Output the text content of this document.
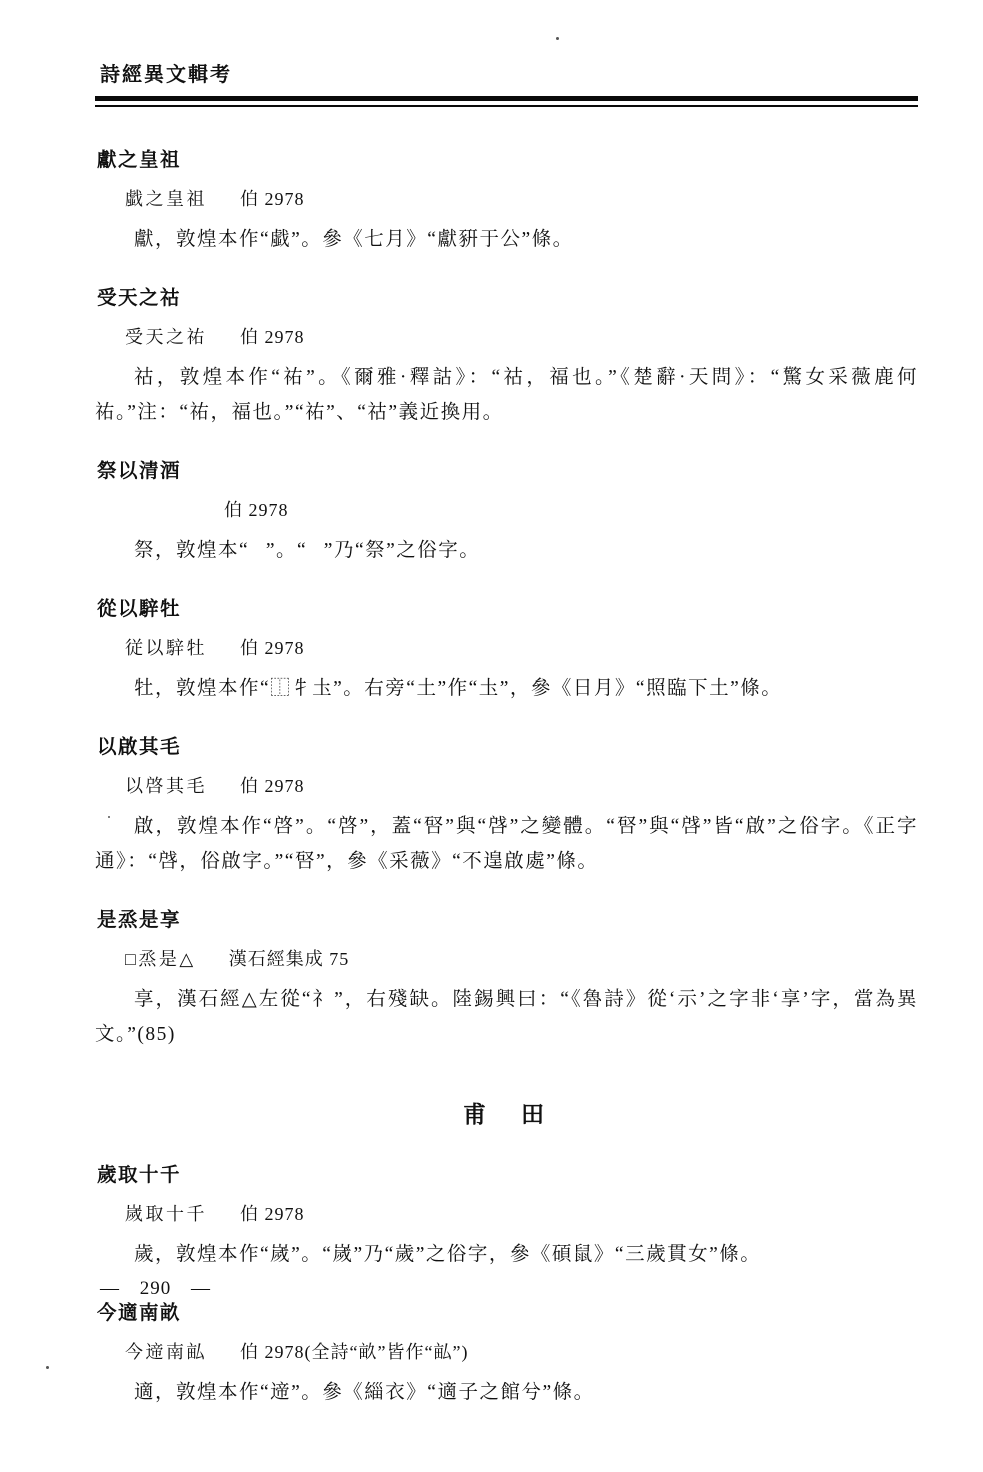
詩經異文輯考
獻之皇祖
戱之皇祖 伯 2978

獻，敦煌本作“戱”。參《七月》“獻豣于公”條。

受天之祜
受天之祐 伯 2978

祜，敦煌本作“祐”。《爾雅·釋詁》：“祜，福也。”《楚辭·天問》：“驚女采薇鹿何祐。”注：“祐，福也。”“祐”、“祜”義近換用。

祭以清酒
𥙊以清酒 伯 2978

祭，敦煌本“𥙊”。“𥙊”乃“祭”之俗字。

從以騂牡
従以騂牡 伯 2978

牡，敦煌本作“⿰牜圡”。右旁“土”作“圡”，參《日月》“照臨下土”條。

以啟其毛
以啓其毛 伯 2978

啟，敦煌本作“啓”。“啓”，蓋“唘”與“啔”之變體。“唘”與“啔”皆“啟”之俗字。《正字通》：“啔，俗啟字。”“唘”，參《采薇》“不遑啟處”條。

是烝是享
□烝是△ 漢石經集成 75

享，漢石經△左從“礻”，右殘缺。陸錫興曰：“《魯詩》從‘示’之字非‘享’字，當為異文。”(85)

甫　田
歲取十千
嵗取十千 伯 2978

歲，敦煌本作“嵗”。“嵗”乃“歲”之俗字，參《碩鼠》“三歲貫女”條。

今適南畝
今遆南畆 伯 2978(全詩“畝”皆作“畆”)

適，敦煌本作“遆”。參《緇衣》“適子之館兮”條。

— 290 —
